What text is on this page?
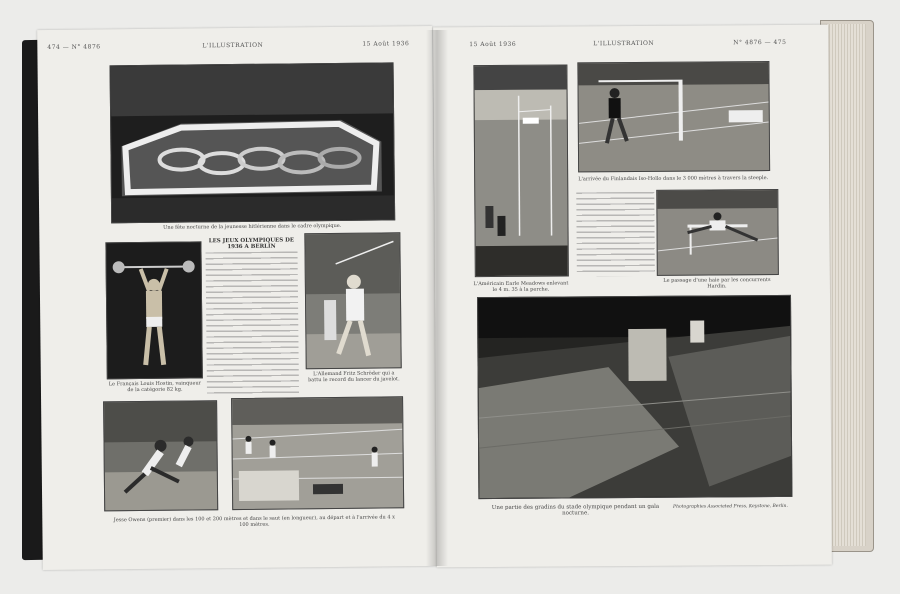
474 — N° 4876	L'ILLUSTRATION	15 Août 1936
Une fête nocturne de la jeunesse hitlérienne dans le cadre olympique.
Le Français Louis Hostin, vainqueur de la catégorie 82 kg.
LES JEUX OLYMPIQUES DE 1936 A BERLIN
L'Allemand Fritz Schröder qui a battu le record du lancer du javelot.
Jesse Owens (premier) dans les 100 et 200 mètres et dans le saut (en longueur), au départ et à l'arrivée du 4 x 100 mètres.
15 Août 1936	L'ILLUSTRATION	N° 4876 — 475
L'Américain Earle Meadows enlevant le 4 m. 35 à la perche.
L'arrivée du Finlandais Iso-Hollo dans le 3 000 mètres à travers la steeple.
Le passage d'une haie par les concurrents Hardin.
Une partie des gradins du stade olympique pendant un gala nocturne.
Photographies Associated Press, Keystone, Berlin.
